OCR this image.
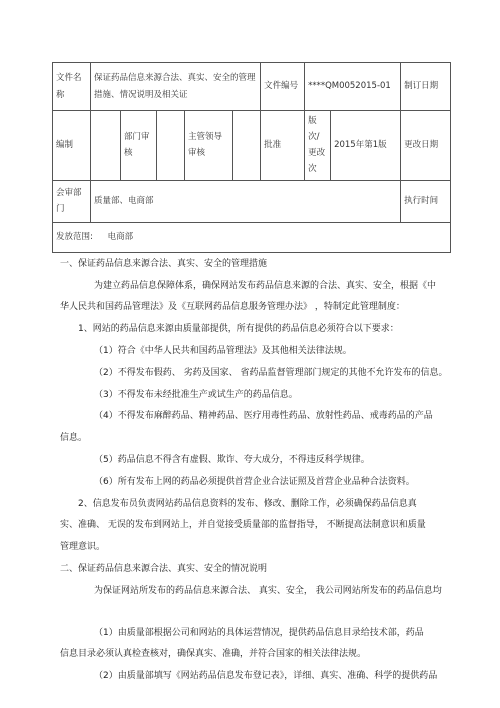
文件名称	保证药品信息来源合法、真实、安全的管理措施、情况说明及相关证					文件编号	****QM0052015-01		制订日期
编制		部门审核		主管领导审核		批准	版次/更改次	2015年第1版	更改日期
会审部门	质量部、电商部								执行时间
发放范围: 电商部									
一、保证药品信息来源合法、真实、安全的管理措施
为建立药品信息保障体系，确保网站发布药品信息来源的合法、真实、安全，根据《中
华人民共和国药品管理法》及《互联网药品信息服务管理办法》 ，特制定此管理制度：
1、网站的药品信息来源由质量部提供，所有提供的药品信息必须符合以下要求：
（1）符合《中华人民共和国药品管理法》及其他相关法律法规。
（2）不得发布假药、 劣药及国家、 省药品监督管理部门规定的其他不允许发布的信息。
（3）不得发布未经批准生产或试生产的药品信息。
（4）不得发布麻醉药品、精神药品、医疗用毒性药品、放射性药品、戒毒药品的产品
信息。
（5）药品信息不得含有虚假、欺诈、夸大成分，不得违反科学规律。
（6）所有发布上网的药品必须提供首营企业合法证照及首营企业品种合法资料。
2、信息发布员负责网站药品信息资料的发布、修改、删除工作，必须确保药品信息真
实、准确、 无误的发布到网站上，并自觉接受质量部的监督指导， 不断提高法制意识和质量
管理意识。
二、保证药品信息来源合法、真实、安全的情况说明
为保证网站所发布的药品信息来源合法、 真实、安全， 我公司网站所发布的药品信息均
（1）由质量部根据公司和网站的具体运营情况，提供药品信息目录给技术部，药品
信息目录必须认真检查核对，确保真实、准确，并符合国家的相关法律法规。
（2）由质量部填写《网站药品信息发布登记表》，详细、真实、准确、科学的提供药品
